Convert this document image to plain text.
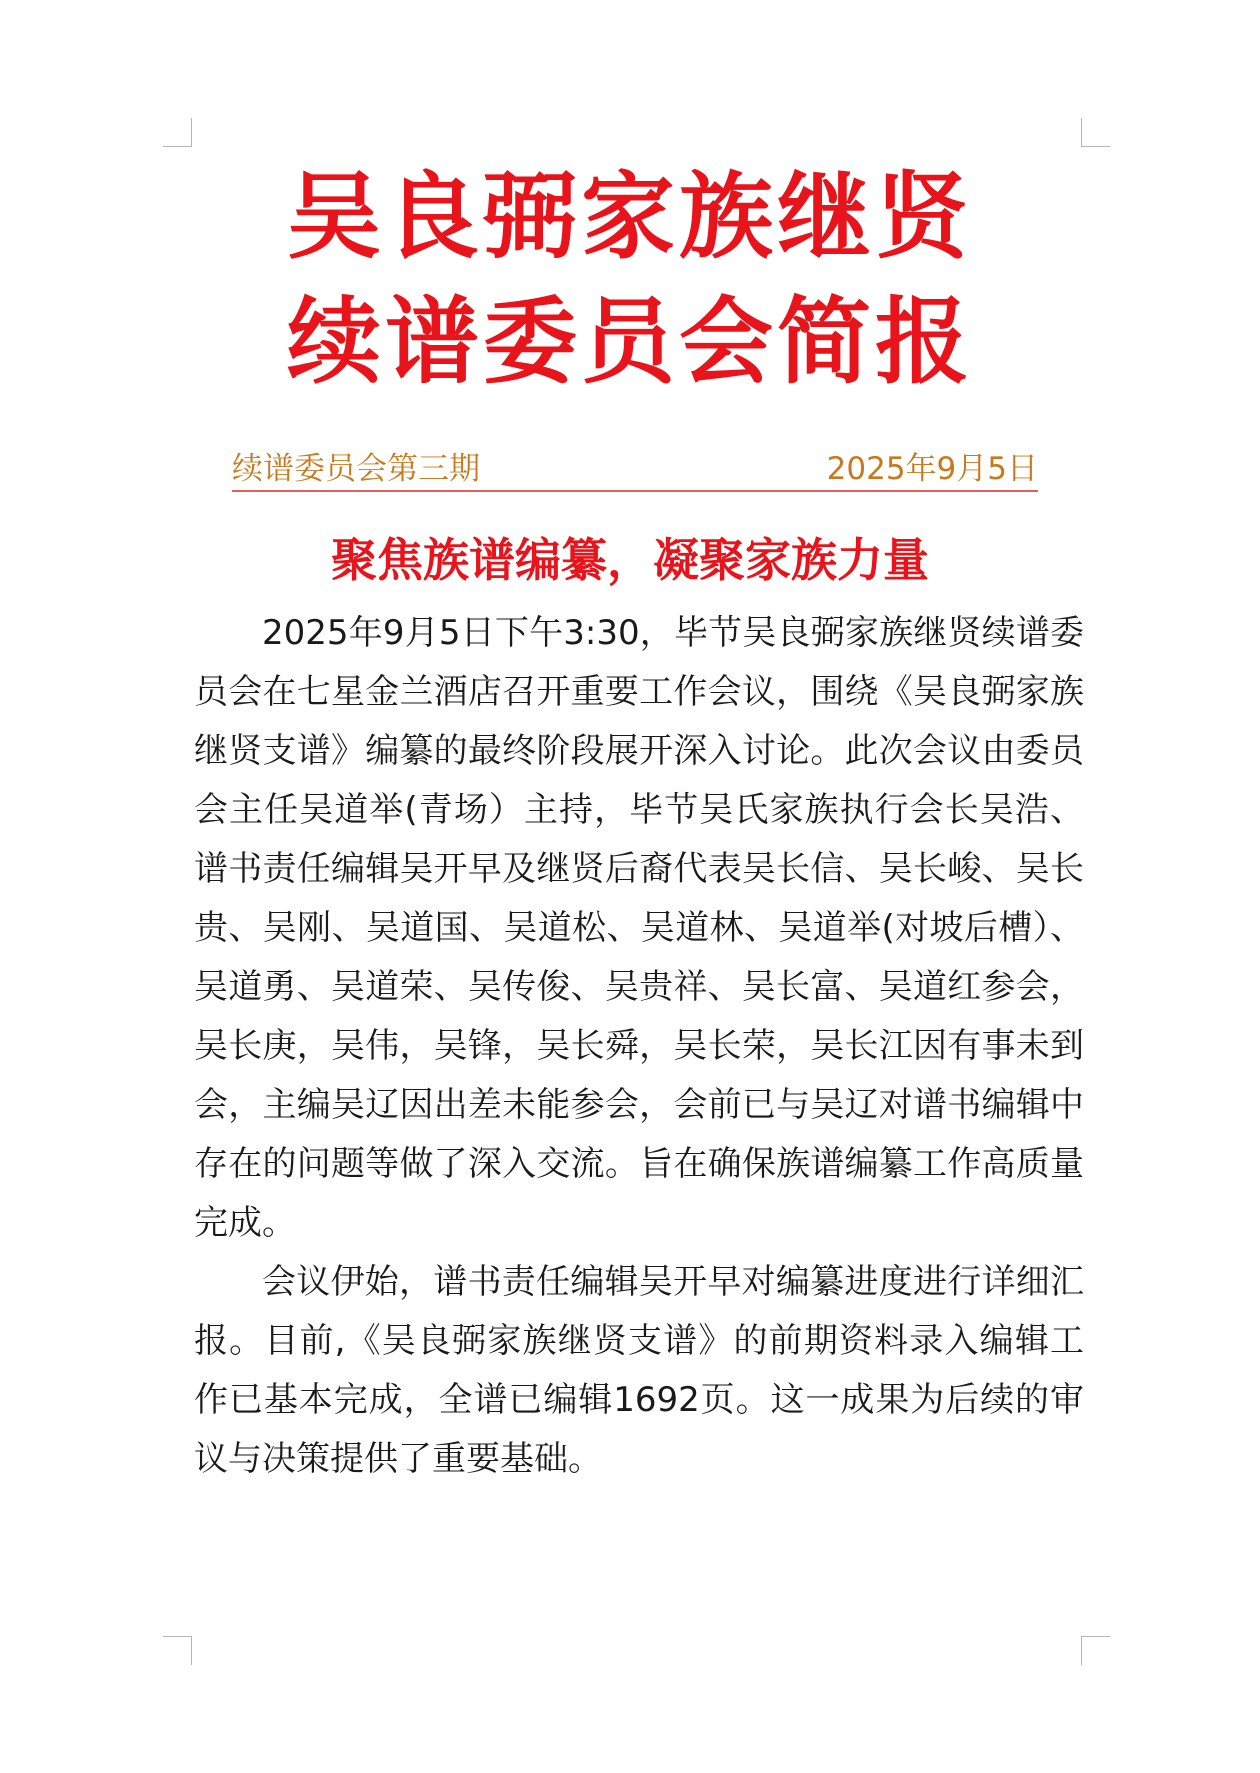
吴良弼家族继贤
续谱委员会简报
续谱委员会第三期	2025年9月5日
聚焦族谱编纂，凝聚家族力量

2025年9月5日下午3:30，毕节吴良弼家族继贤续谱委员会在七星金兰酒店召开重要工作会议，围绕《吴良弼家族继贤支谱》编纂的最终阶段展开深入讨论。此次会议由委员会主任吴道举(青场）主持，毕节吴氏家族执行会长吴浩、谱书责任编辑吴开早及继贤后裔代表吴长信、吴长峻、吴长贵、吴刚、吴道国、吴道松、吴道林、吴道举(对坡后槽）、吴道勇、吴道荣、吴传俊、吴贵祥、吴长富、吴道红参会，吴长庚，吴伟，吴锋，吴长舜，吴长荣，吴长江因有事未到会，主编吴辽因出差未能参会，会前已与吴辽对谱书编辑中存在的问题等做了深入交流。旨在确保族谱编纂工作高质量完成。

会议伊始，谱书责任编辑吴开早对编纂进度进行详细汇报。目前,《吴良弼家族继贤支谱》的前期资料录入编辑工作已基本完成，全谱已编辑1692页。这一成果为后续的审议与决策提供了重要基础。
